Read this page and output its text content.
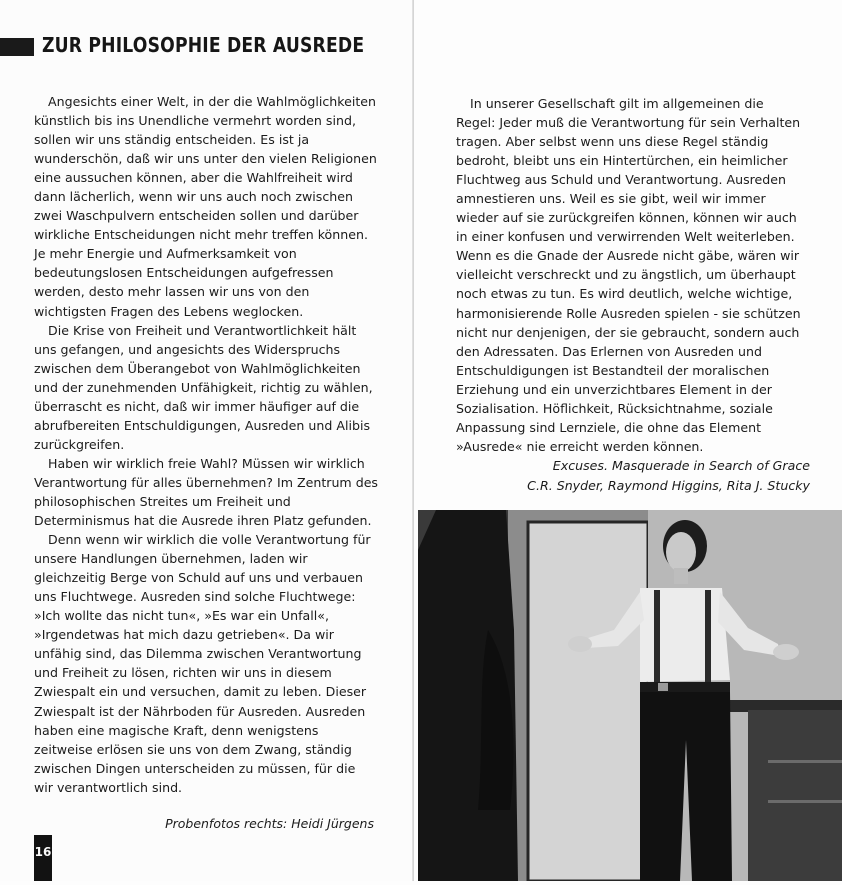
ZUR PHILOSOPHIE DER AUSREDE

Angesichts einer Welt, in der die Wahlmöglichkeiten künstlich bis ins Unendliche vermehrt worden sind, sollen wir uns ständig entscheiden. Es ist ja wunderschön, daß wir uns unter den vielen Religionen eine aussuchen können, aber die Wahlfreiheit wird dann lächerlich, wenn wir uns auch noch zwischen zwei Waschpulvern entscheiden sollen und darüber wirkliche Entscheidungen nicht mehr treffen können. Je mehr Energie und Aufmerksamkeit von bedeutungslosen Entscheidungen aufgefressen werden, desto mehr lassen wir uns von den wichtigsten Fragen des Lebens weglocken.

Die Krise von Freiheit und Verantwortlichkeit hält uns gefangen, und angesichts des Widerspruchs zwischen dem Überangebot von Wahlmöglichkeiten und der zunehmenden Unfähigkeit, richtig zu wählen, überrascht es nicht, daß wir immer häufiger auf die abrufbereiten Entschuldigungen, Ausreden und Alibis zurückgreifen.

Haben wir wirklich freie Wahl? Müssen wir wirklich Verantwortung für alles übernehmen? Im Zentrum des philosophischen Streites um Freiheit und Determinismus hat die Ausrede ihren Platz gefunden.

Denn wenn wir wirklich die volle Verantwortung für unsere Handlungen übernehmen, laden wir gleichzeitig Berge von Schuld auf uns und verbauen uns Fluchtwege. Ausreden sind solche Fluchtwege: »Ich wollte das nicht tun«, »Es war ein Unfall«, »Irgendetwas hat mich dazu getrieben«. Da wir unfähig sind, das Dilemma zwischen Verantwortung und Freiheit zu lösen, richten wir uns in diesem Zwiespalt ein und versuchen, damit zu leben. Dieser Zwiespalt ist der Nährboden für Ausreden. Ausreden haben eine magische Kraft, denn wenigstens zeitweise erlösen sie uns von dem Zwang, ständig zwischen Dingen unterscheiden zu müssen, für die wir verantwortlich sind.

Probenfotos rechts: Heidi Jürgens
16

In unserer Gesellschaft gilt im allgemeinen die Regel: Jeder muß die Verantwortung für sein Verhalten tragen. Aber selbst wenn uns diese Regel ständig bedroht, bleibt uns ein Hintertürchen, ein heimlicher Fluchtweg aus Schuld und Verantwortung. Ausreden amnestieren uns. Weil es sie gibt, weil wir immer wieder auf sie zurückgreifen können, können wir auch in einer konfusen und verwirrenden Welt weiterleben. Wenn es die Gnade der Ausrede nicht gäbe, wären wir vielleicht verschreckt und zu ängstlich, um überhaupt noch etwas zu tun. Es wird deutlich, welche wichtige, harmonisierende Rolle Ausreden spielen - sie schützen nicht nur denjenigen, der sie gebraucht, sondern auch den Adressaten. Das Erlernen von Ausreden und Entschuldigungen ist Bestandteil der moralischen Erziehung und ein unverzichtbares Element in der Sozialisation. Höflichkeit, Rücksichtnahme, soziale Anpassung sind Lernziele, die ohne das Element »Ausrede« nie erreicht werden können.

Excuses. Masquerade in Search of Grace
C.R. Snyder, Raymond Higgins, Rita J. Stucky
